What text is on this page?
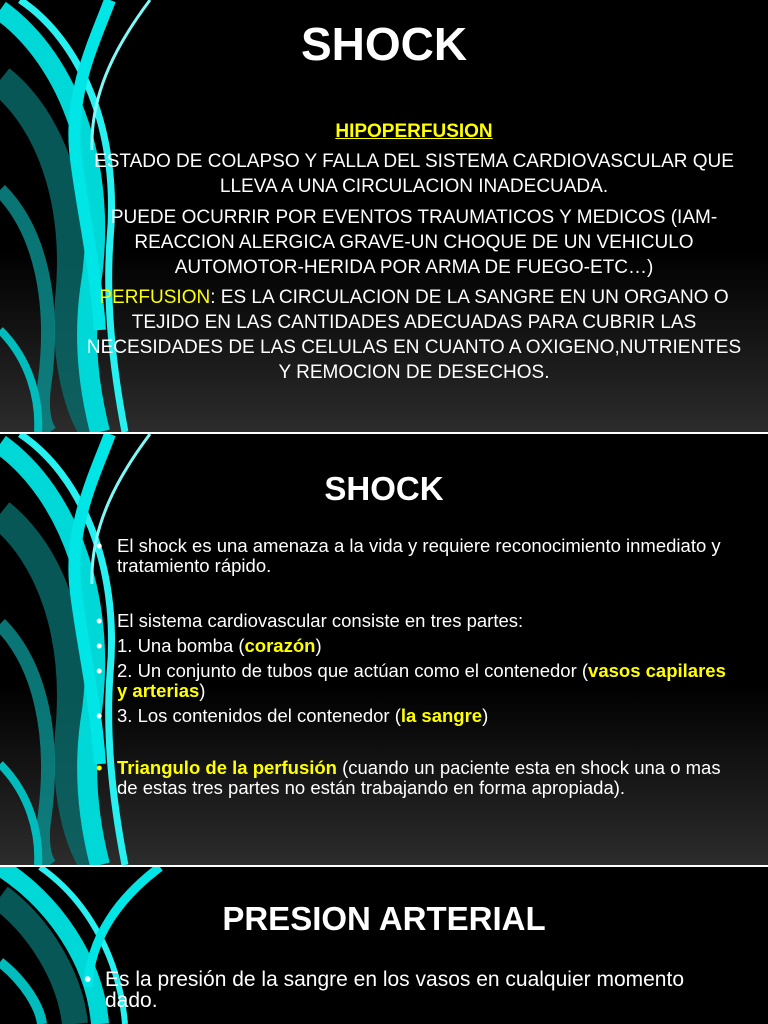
SHOCK

HIPOPERFUSION

ESTADO DE COLAPSO Y FALLA DEL SISTEMA CARDIOVASCULAR QUE LLEVA A UNA CIRCULACION INADECUADA.

PUEDE OCURRIR POR EVENTOS TRAUMATICOS Y MEDICOS (IAM-REACCION ALERGICA GRAVE-UN CHOQUE DE UN VEHICULO AUTOMOTOR-HERIDA POR ARMA DE FUEGO-ETC…)

PERFUSION: ES LA CIRCULACION DE LA SANGRE EN UN ORGANO O TEJIDO EN LAS CANTIDADES ADECUADAS PARA CUBRIR LAS NECESIDADES DE LAS CELULAS EN CUANTO A OXIGENO,NUTRIENTES Y REMOCION DE DESECHOS.

SHOCK
• El shock es una amenaza a la vida y requiere reconocimiento inmediato y tratamiento rápido.
• El sistema cardiovascular consiste en tres partes:
• 1. Una bomba (corazón)
• 2. Un conjunto de tubos que actúan como el contenedor (vasos capilares y arterias)
• 3. Los contenidos del contenedor (la sangre)
• Triangulo de la perfusión (cuando un paciente esta en shock una o mas de estas tres partes no están trabajando en forma apropiada).
PRESION ARTERIAL
• Es la presión de la sangre en los vasos en cualquier momento dado.
